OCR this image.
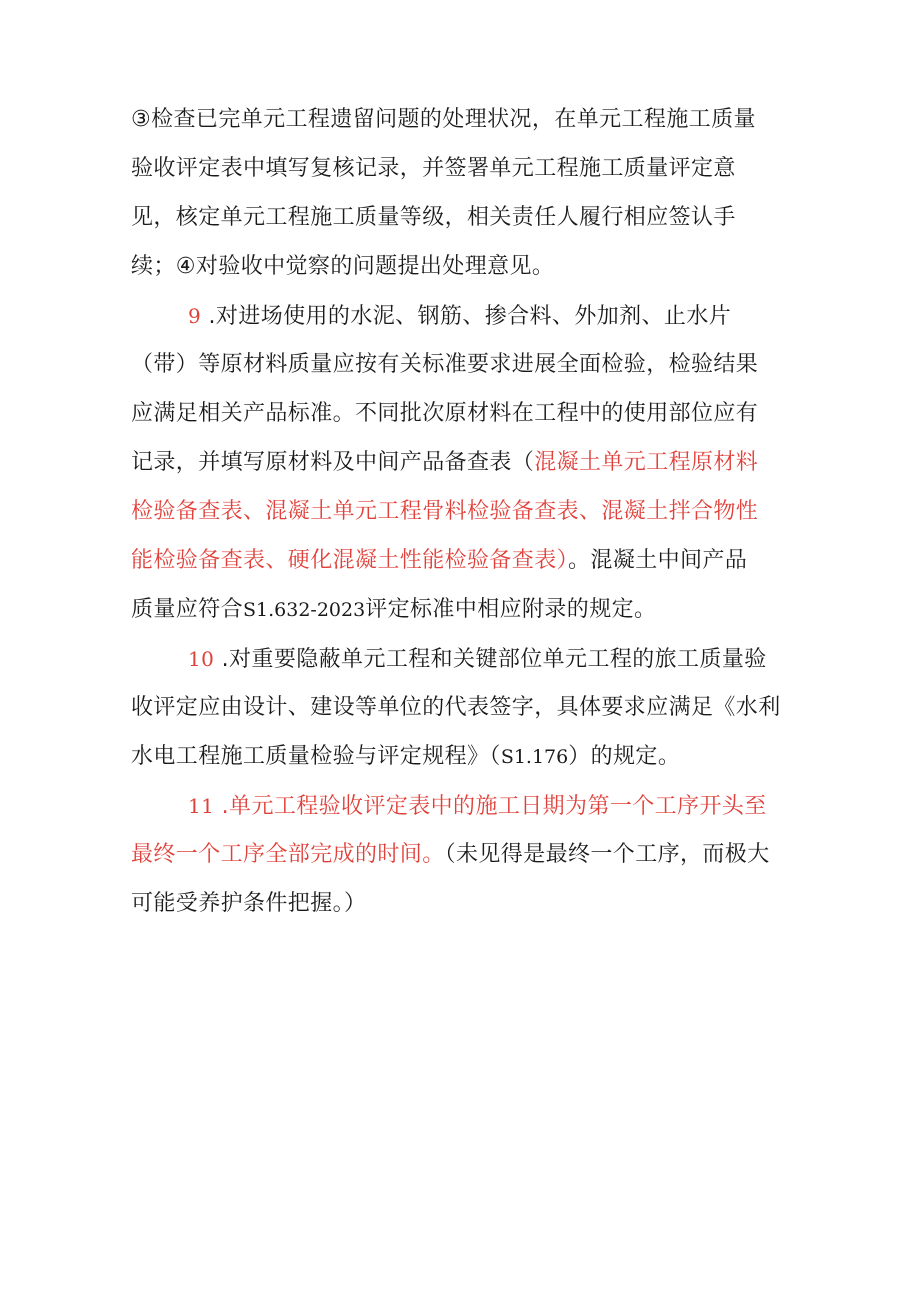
③检查已完单元工程遗留问题的处理状况，在单元工程施工质量
验收评定表中填写复核记录，并签署单元工程施工质量评定意
见，核定单元工程施工质量等级，相关责任人履行相应签认手
续；④对验收中觉察的问题提出处理意见。
9 .对进场使用的水泥、钢筋、掺合料、外加剂、止水片
（带）等原材料质量应按有关标准要求进展全面检验，检验结果
应满足相关产品标准。不同批次原材料在工程中的使用部位应有
记录，并填写原材料及中间产品备查表（混凝土单元工程原材料
检验备查表、混凝土单元工程骨料检验备查表、混凝土拌合物性
能检验备查表、硬化混凝土性能检验备查表）。混凝土中间产品
质量应符合S1.632-2023评定标准中相应附录的规定。
10 .对重要隐蔽单元工程和关键部位单元工程的旅工质量验
收评定应由设计、建设等单位的代表签字，具体要求应满足《水利
水电工程施工质量检验与评定规程》（S1.176）的规定。
11 .单元工程验收评定表中的施工日期为第一个工序开头至
最终一个工序全部完成的时间。（未见得是最终一个工序，而极大
可能受养护条件把握。）
